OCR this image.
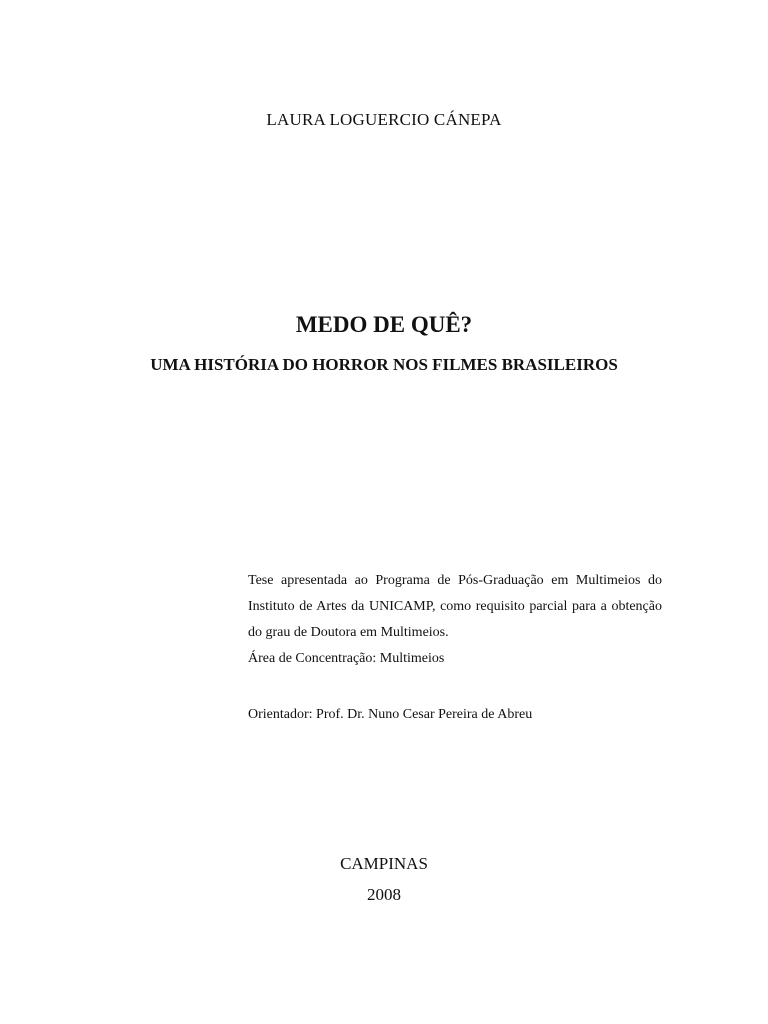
LAURA LOGUERCIO CÁNEPA
MEDO DE QUÊ?
UMA HISTÓRIA DO HORROR NOS FILMES BRASILEIROS

Tese apresentada ao Programa de Pós-Graduação em Multimeios do Instituto de Artes da UNICAMP, como requisito parcial para a obtenção do grau de Doutora em Multimeios.

Área de Concentração: Multimeios

Orientador: Prof. Dr. Nuno Cesar Pereira de Abreu
CAMPINAS
2008
